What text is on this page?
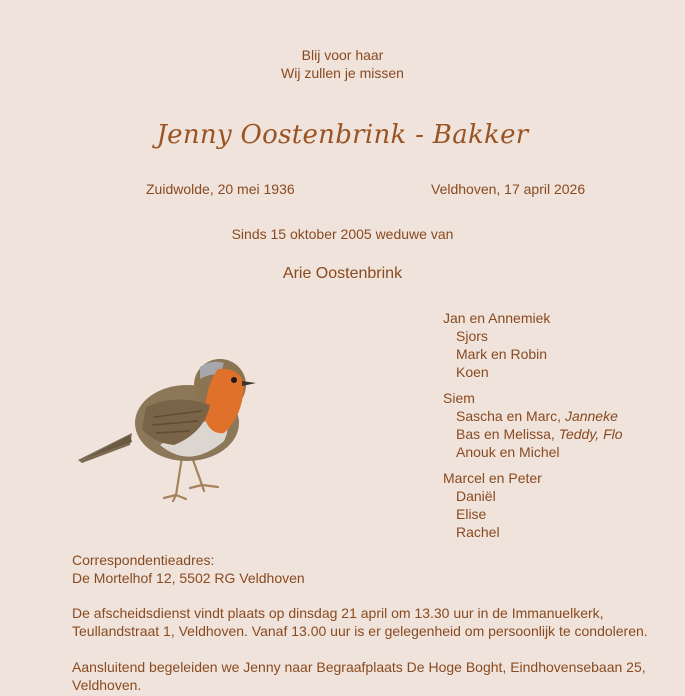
Blij voor haar
Wij zullen je missen
Jenny Oostenbrink - Bakker
Zuidwolde, 20 mei 1936	Veldhoven, 17 april 2026
Sinds 15 oktober 2005 weduwe van
Arie Oostenbrink
Jan en Annemiek
Sjors
Mark en Robin
Koen
Siem
Sascha en Marc, Janneke
Bas en Melissa, Teddy, Flo
Anouk en Michel
Marcel en Peter
Daniël
Elise
Rachel
Correspondentieadres:
De Mortelhof 12, 5502 RG Veldhoven
De afscheidsdienst vindt plaats op dinsdag 21 april om 13.30 uur in de Immanuelkerk, Teullandstraat 1, Veldhoven. Vanaf 13.00 uur is er gelegenheid om persoonlijk te condoleren.
Aansluitend begeleiden we Jenny naar Begraafplaats De Hoge Boght, Eindhovensebaan 25, Veldhoven.
